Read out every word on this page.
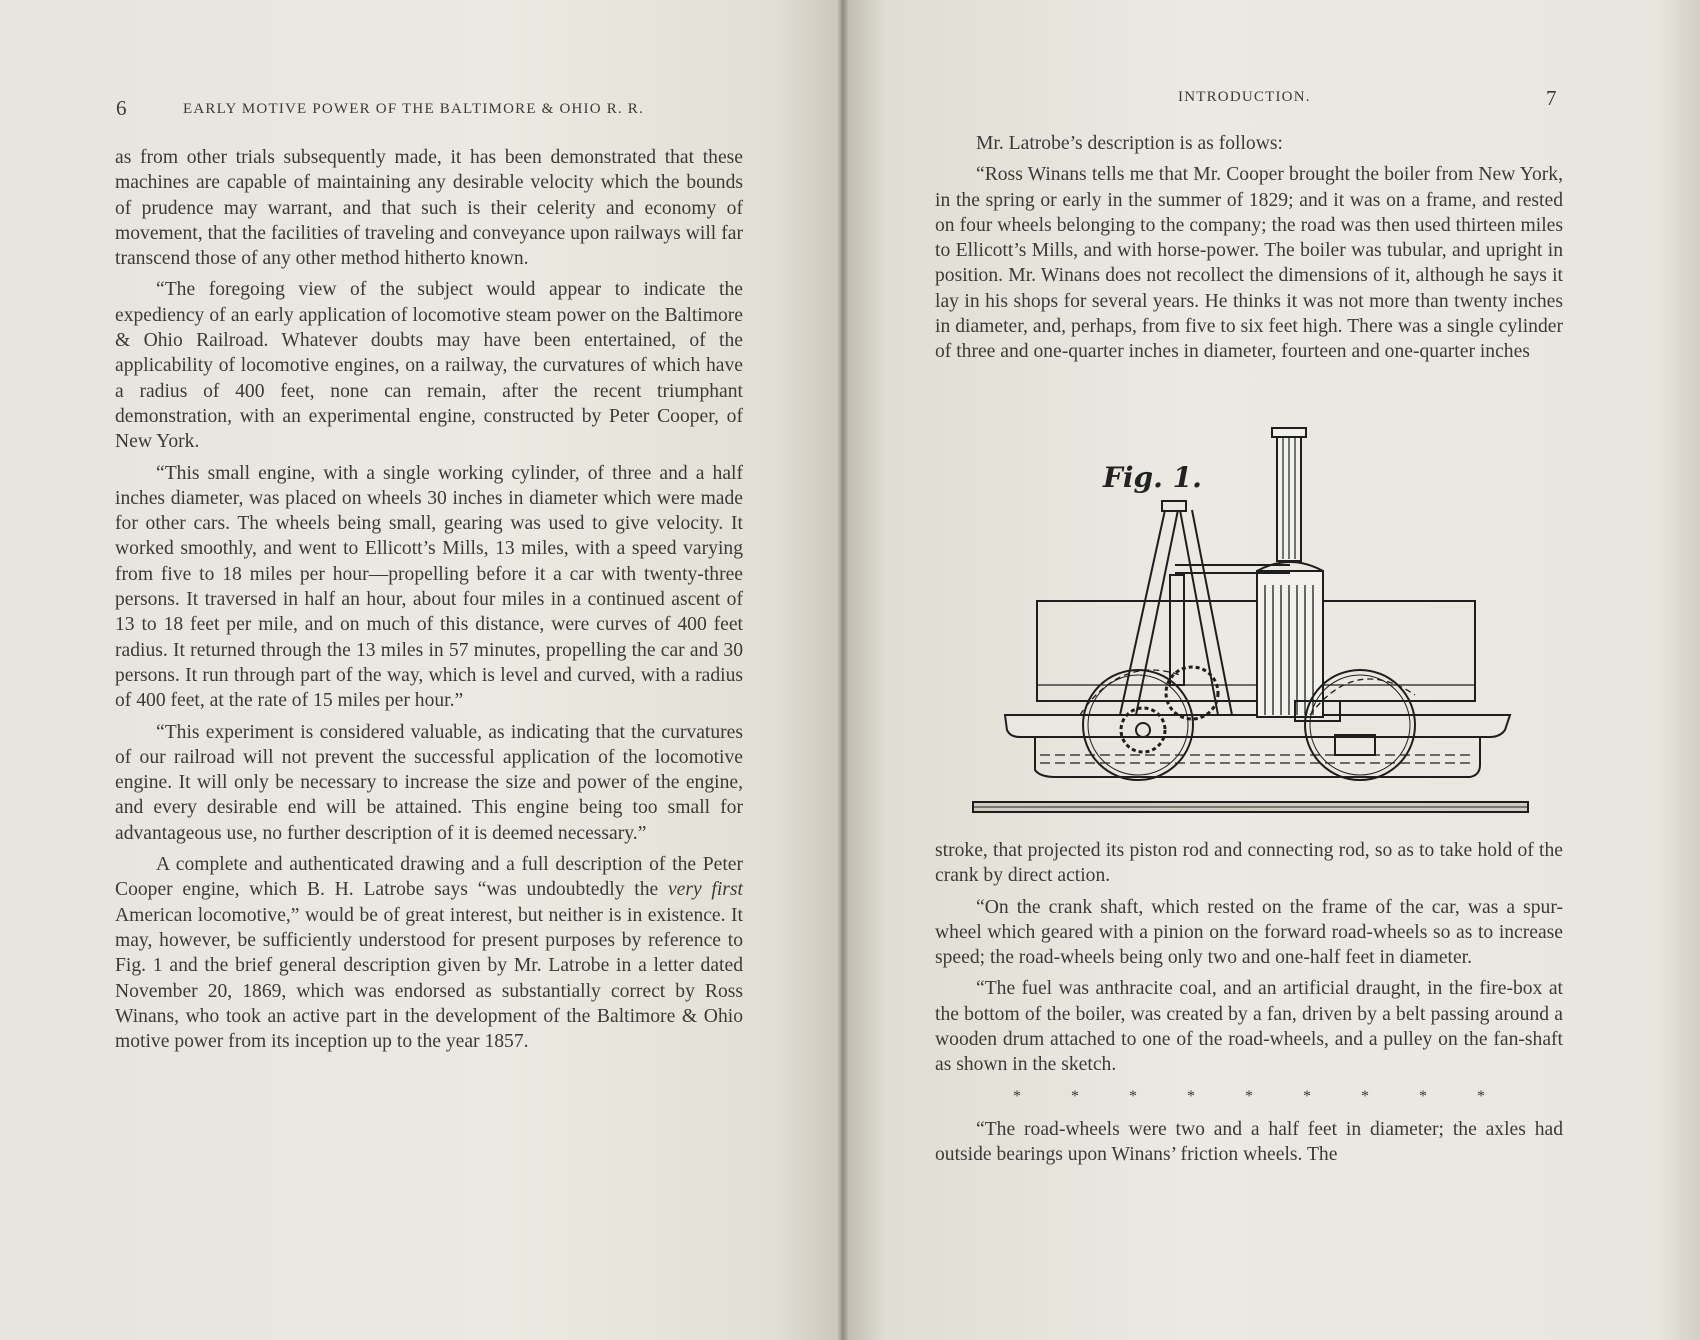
6	EARLY MOTIVE POWER OF THE BALTIMORE & OHIO R. R.

as from other trials subsequently made, it has been demonstrated that these machines are capable of maintaining any desirable velocity which the bounds of prudence may warrant, and that such is their celerity and economy of movement, that the facilities of traveling and conveyance upon railways will far transcend those of any other method hitherto known.

“The foregoing view of the subject would appear to indicate the expediency of an early application of locomotive steam power on the Baltimore & Ohio Railroad. Whatever doubts may have been entertained, of the applicability of locomotive engines, on a railway, the curvatures of which have a radius of 400 feet, none can remain, after the recent triumphant demonstration, with an experimental engine, constructed by Peter Cooper, of New York.

“This small engine, with a single working cylinder, of three and a half inches diameter, was placed on wheels 30 inches in diameter which were made for other cars. The wheels being small, gearing was used to give velocity. It worked smoothly, and went to Ellicott’s Mills, 13 miles, with a speed varying from five to 18 miles per hour—propelling before it a car with twenty-three persons. It traversed in half an hour, about four miles in a continued ascent of 13 to 18 feet per mile, and on much of this distance, were curves of 400 feet radius. It returned through the 13 miles in 57 minutes, propelling the car and 30 persons. It run through part of the way, which is level and curved, with a radius of 400 feet, at the rate of 15 miles per hour.”

“This experiment is considered valuable, as indicating that the curvatures of our railroad will not prevent the successful application of the locomotive engine. It will only be necessary to increase the size and power of the engine, and every desirable end will be attained. This engine being too small for advantageous use, no further description of it is deemed necessary.”

A complete and authenticated drawing and a full description of the Peter Cooper engine, which B. H. Latrobe says “was undoubtedly the very first American locomotive,” would be of great interest, but neither is in existence. It may, however, be sufficiently understood for present purposes by reference to Fig. 1 and the brief general description given by Mr. Latrobe in a letter dated November 20, 1869, which was endorsed as substantially correct by Ross Winans, who took an active part in the development of the Baltimore & Ohio motive power from its inception up to the year 1857.

INTRODUCTION.	7

Mr. Latrobe’s description is as follows:

“Ross Winans tells me that Mr. Cooper brought the boiler from New York, in the spring or early in the summer of 1829; and it was on a frame, and rested on four wheels belonging to the company; the road was then used thirteen miles to Ellicott’s Mills, and with horse-power. The boiler was tubular, and upright in position. Mr. Winans does not recollect the dimensions of it, although he says it lay in his shops for several years. He thinks it was not more than twenty inches in diameter, and, perhaps, from five to six feet high. There was a single cylinder of three and one-quarter inches in diameter, fourteen and one-quarter inches

Fig. 1.

stroke, that projected its piston rod and connecting rod, so as to take hold of the crank by direct action.

“On the crank shaft, which rested on the frame of the car, was a spur-wheel which geared with a pinion on the forward road-wheels so as to increase speed; the road-wheels being only two and one-half feet in diameter.

“The fuel was anthracite coal, and an artificial draught, in the fire-box at the bottom of the boiler, was created by a fan, driven by a belt passing around a wooden drum attached to one of the road-wheels, and a pulley on the fan-shaft as shown in the sketch.

* * * * * * * * *

“The road-wheels were two and a half feet in diameter; the axles had outside bearings upon Winans’ friction wheels. The
